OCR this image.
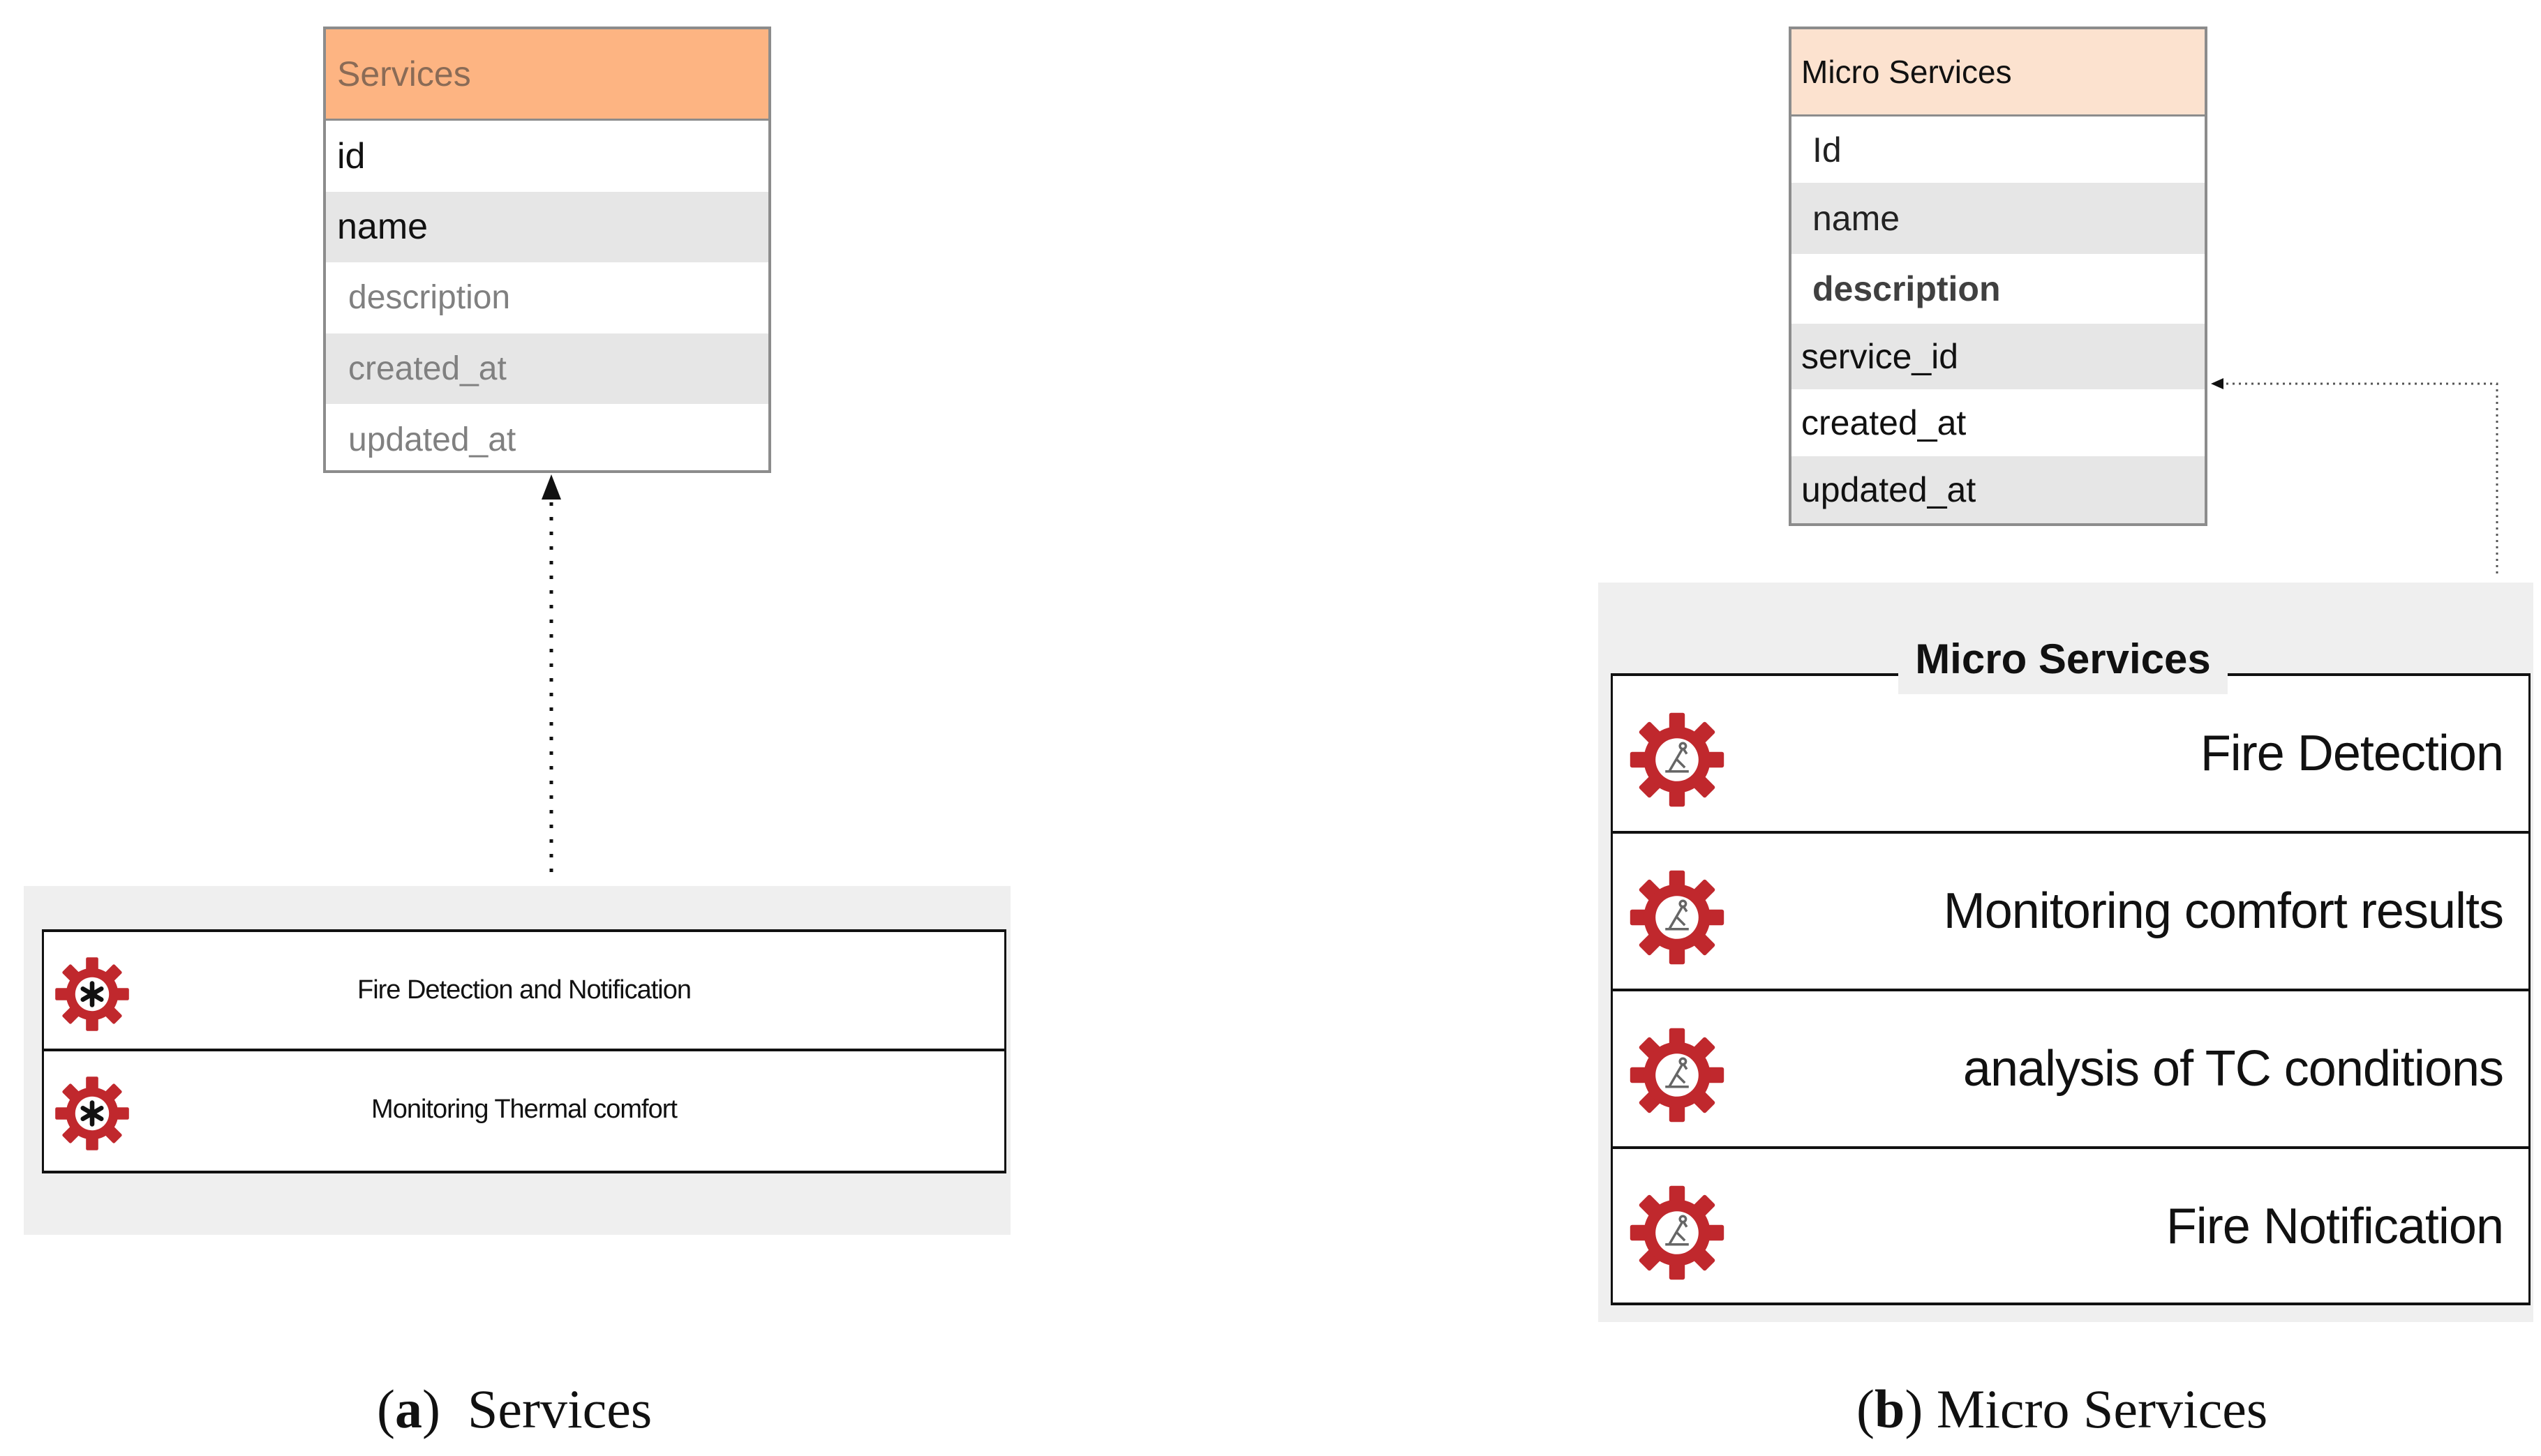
Services
id
name
description
created_at
updated_at
Micro Services
Id
name
description
service_id
created_at
updated_at
Fire Detection and Notification
Monitoring Thermal comfort
Micro Services
Fire Detection
Monitoring comfort results
analysis of TC conditions
Fire Notification
(a)  Services	(b) Micro Services
